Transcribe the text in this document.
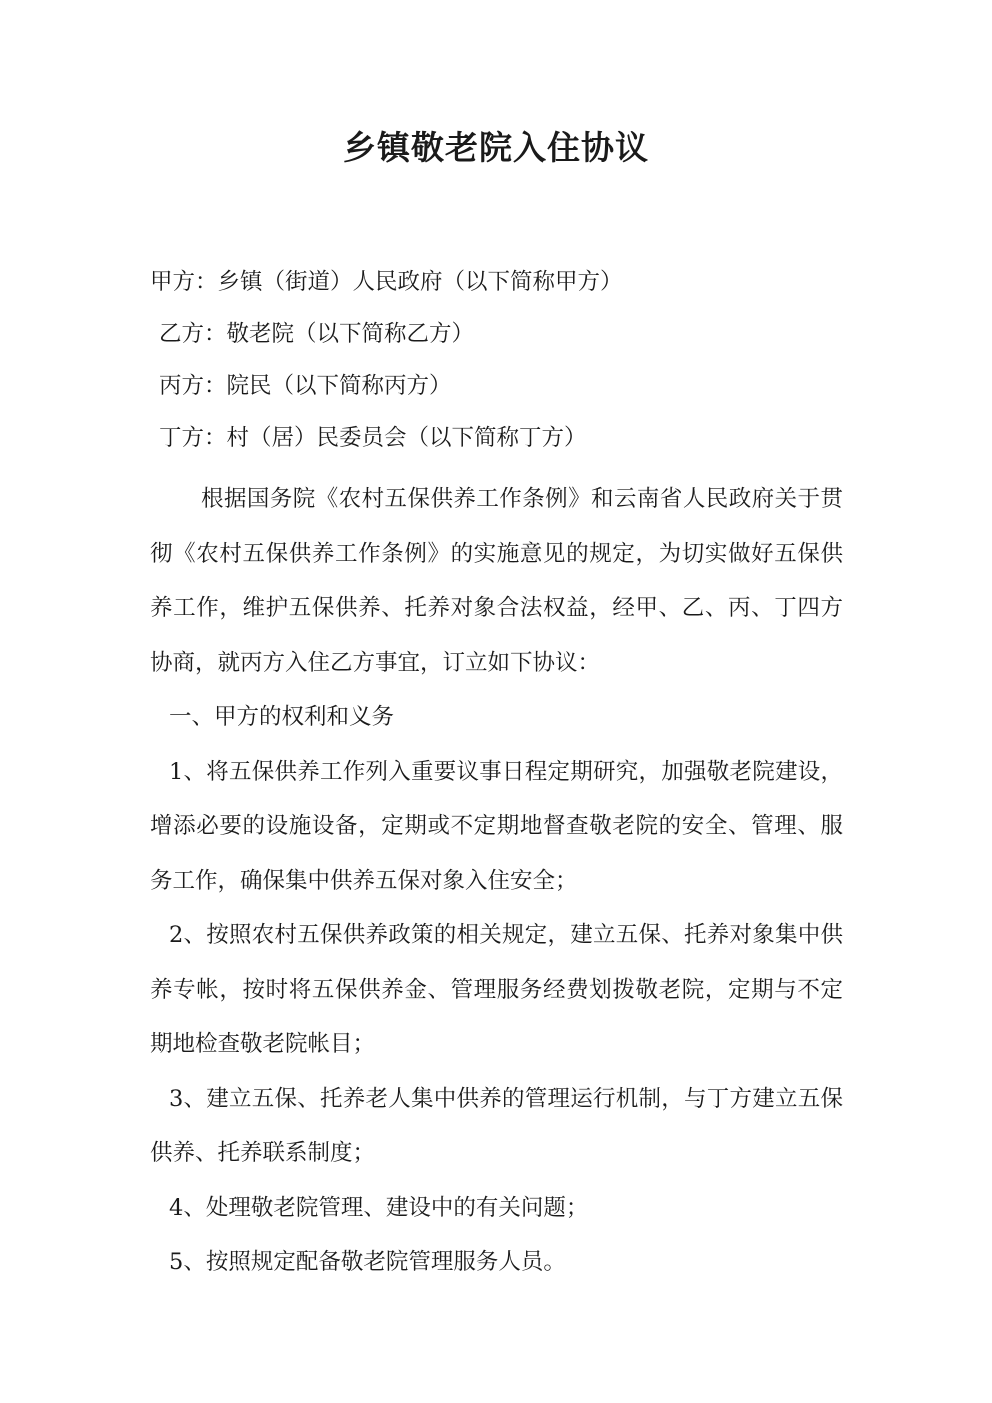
乡镇敬老院入住协议
甲方：乡镇（街道）人民政府（以下简称甲方）
乙方：敬老院（以下简称乙方）
丙方：院民（以下简称丙方）
丁方：村（居）民委员会（以下简称丁方）

根据国务院《农村五保供养工作条例》和云南省人民政府关于贯彻《农村五保供养工作条例》的实施意见的规定，为切实做好五保供养工作，维护五保供养、托养对象合法权益，经甲、乙、丙、丁四方协商，就丙方入住乙方事宜，订立如下协议：

一、甲方的权利和义务

1、将五保供养工作列入重要议事日程定期研究，加强敬老院建设，增添必要的设施设备，定期或不定期地督查敬老院的安全、管理、服务工作，确保集中供养五保对象入住安全；

2、按照农村五保供养政策的相关规定，建立五保、托养对象集中供养专帐，按时将五保供养金、管理服务经费划拨敬老院，定期与不定期地检查敬老院帐目；

3、建立五保、托养老人集中供养的管理运行机制，与丁方建立五保供养、托养联系制度；

4、处理敬老院管理、建设中的有关问题；

5、按照规定配备敬老院管理服务人员。
